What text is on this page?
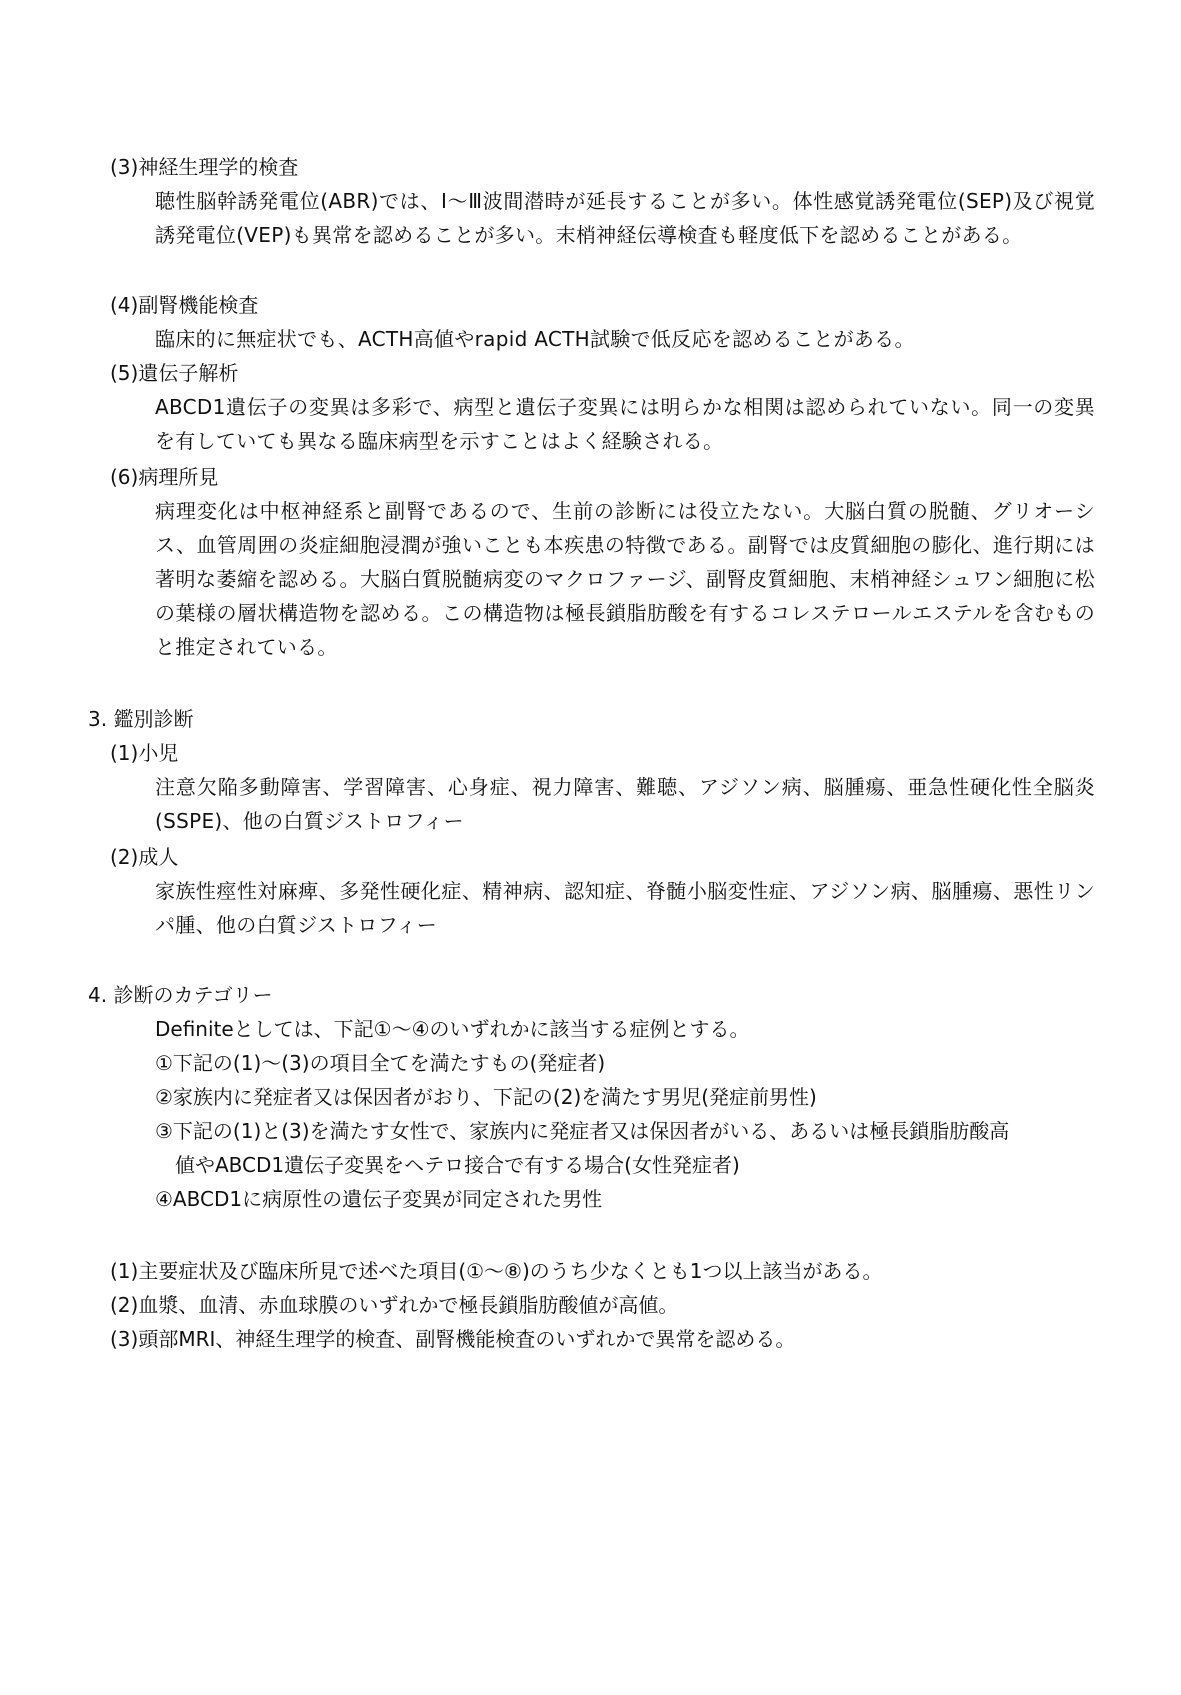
(3)神経生理学的検査
聴性脳幹誘発電位(ABR)では、Ⅰ～Ⅲ波間潜時が延長することが多い。体性感覚誘発電位(SEP)及び視覚誘発電位(VEP)も異常を認めることが多い。末梢神経伝導検査も軽度低下を認めることがある。
(4)副腎機能検査
臨床的に無症状でも、ACTH高値やrapid ACTH試験で低反応を認めることがある。
(5)遺伝子解析
ABCD1遺伝子の変異は多彩で、病型と遺伝子変異には明らかな相関は認められていない。同一の変異を有していても異なる臨床病型を示すことはよく経験される。
(6)病理所見
病理変化は中枢神経系と副腎であるので、生前の診断には役立たない。大脳白質の脱髄、グリオーシス、血管周囲の炎症細胞浸潤が強いことも本疾患の特徴である。副腎では皮質細胞の膨化、進行期には著明な萎縮を認める。大脳白質脱髄病変のマクロファージ、副腎皮質細胞、末梢神経シュワン細胞に松の葉様の層状構造物を認める。この構造物は極長鎖脂肪酸を有するコレステロールエステルを含むものと推定されている。
3. 鑑別診断
(1)小児
注意欠陥多動障害、学習障害、心身症、視力障害、難聴、アジソン病、脳腫瘍、亜急性硬化性全脳炎(SSPE)、他の白質ジストロフィー
(2)成人
家族性痙性対麻痺、多発性硬化症、精神病、認知症、脊髄小脳変性症、アジソン病、脳腫瘍、悪性リンパ腫、他の白質ジストロフィー
4. 診断のカテゴリー
Definiteとしては、下記①～④のいずれかに該当する症例とする。
①下記の(1)～(3)の項目全てを満たすもの(発症者)
②家族内に発症者又は保因者がおり、下記の(2)を満たす男児(発症前男性)
③下記の(1)と(3)を満たす女性で、家族内に発症者又は保因者がいる、あるいは極長鎖脂肪酸高
値やABCD1遺伝子変異をヘテロ接合で有する場合(女性発症者)
④ABCD1に病原性の遺伝子変異が同定された男性
(1)主要症状及び臨床所見で述べた項目(①～⑧)のうち少なくとも1つ以上該当がある。
(2)血漿、血清、赤血球膜のいずれかで極長鎖脂肪酸値が高値。
(3)頭部MRI、神経生理学的検査、副腎機能検査のいずれかで異常を認める。
